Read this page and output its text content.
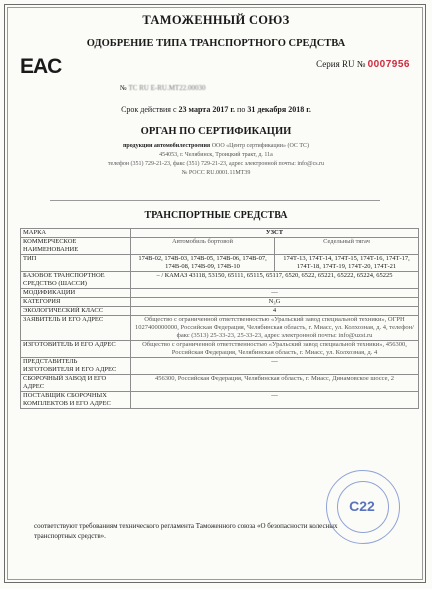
ТАМОЖЕННЫЙ СОЮЗ
ОДОБРЕНИЕ ТИПА ТРАНСПОРТНОГО СРЕДСТВА
EAC	Серия RU № 0007956
№ ТС RU E-RU.МТ22.00030
Срок действия с 23 марта 2017 г. по 31 декабря 2018 г.
ОРГАН ПО СЕРТИФИКАЦИИ
продукции автомобилестроения ООО «Центр сертификации» (ОС ТС)
454053, г. Челябинск, Троицкий тракт, д. 11а
телефон (351) 729-21-23, факс (351) 729-21-23, адрес электронной почты: info@cs.ru
№ РОСС RU.0001.11МТ39
ТРАНСПОРТНЫЕ СРЕДСТВА
МАРКА	УЗСТ	
КОММЕРЧЕСКОЕ НАИМЕНОВАНИЕ	Автомобиль бортовой	Седельный тягач
ТИП	174В-02, 174В-03, 174В-05, 174В-06, 174В-07, 174В-08, 174В-09, 174В-10	174Т-13, 174Т-14, 174Т-15, 174Т-16, 174Т-17, 174Т-18, 174Т-19, 174Т-20, 174Т-21
БАЗОВОЕ ТРАНСПОРТНОЕ СРЕДСТВО (ШАССИ)	– / КАМАЗ 43118, 53150, 65111, 65115, 65117, 6520, 6522, 65221, 65222, 65224, 65225	
МОДИФИКАЦИИ	—	
КАТЕГОРИЯ	N₃G	
ЭКОЛОГИЧЕСКИЙ КЛАСС	4	
ЗАЯВИТЕЛЬ И ЕГО АДРЕС	Общество с ограниченной ответственностью «Уральский завод специальной техники», ОГРН 1027400000000, Российская Федерация, Челябинская область, г. Миасс, ул. Колхозная, д. 4, телефон/факс (3513) 25-33-23, 25-33-23, адрес электронной почты: info@uzst.ru	
ИЗГОТОВИТЕЛЬ И ЕГО АДРЕС	Общество с ограниченной ответственностью «Уральский завод специальной техники», 456300, Российская Федерация, Челябинская область, г. Миасс, ул. Колхозная, д. 4	
ПРЕДСТАВИТЕЛЬ ИЗГОТОВИТЕЛЯ И ЕГО АДРЕС	—	
СБОРОЧНЫЙ ЗАВОД И ЕГО АДРЕС	456300, Российская Федерация, Челябинская область, г. Миасс, Динамовское шоссе, 2	
ПОСТАВЩИК СБОРОЧНЫХ КОМПЛЕКТОВ И ЕГО АДРЕС	—	
С22
соответствуют требованиям технического регламента Таможенного союза «О безопасности колесных
транспортных средств».
